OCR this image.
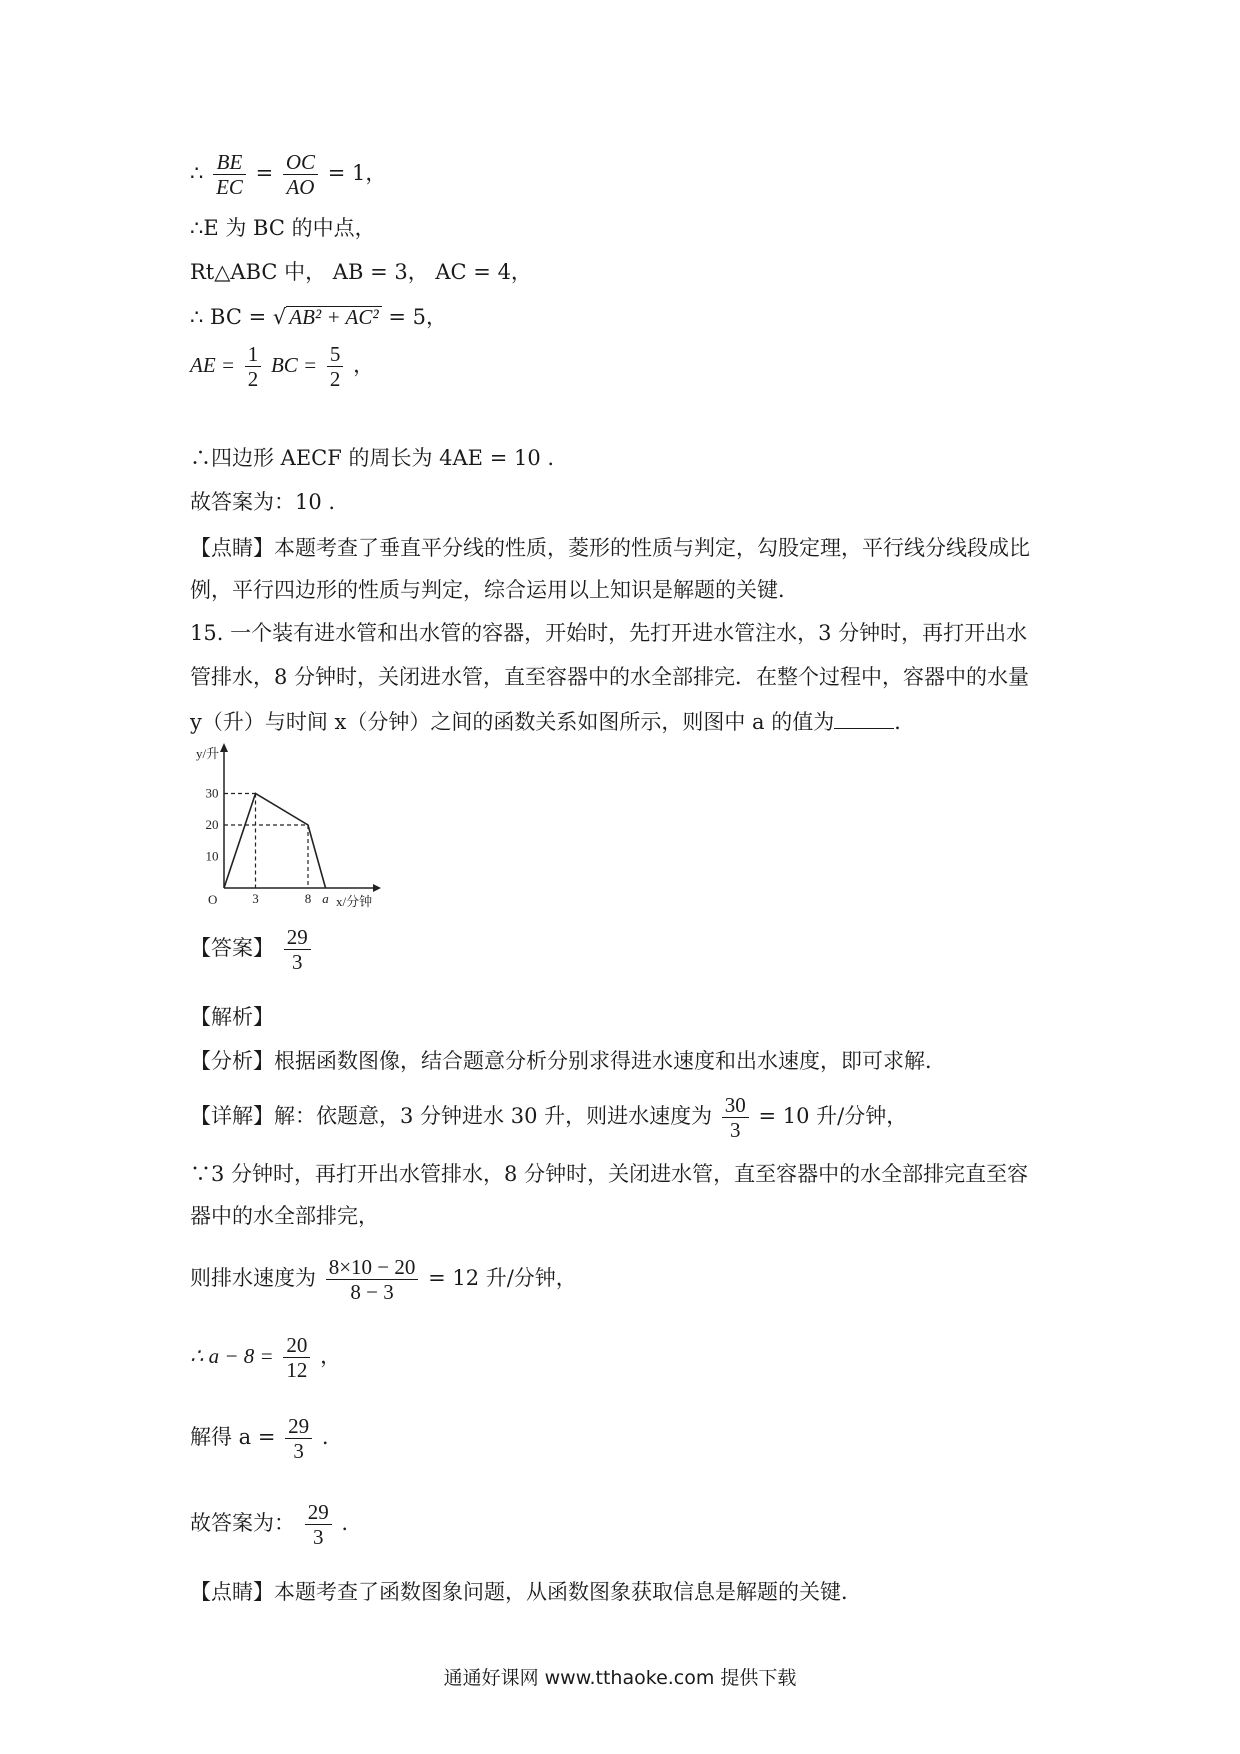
∴ $\frac{BE}{EC} = \frac{OC}{AO} = 1$，
∴E 为 BC 的中点，
Rt△ABC 中， AB = 3， AC = 4，
∴ BC = √ AB² + AC² = 5，
AE = $\frac{1}{2}$ BC = $\frac{5}{2}$ ，
∴四边形 AECF 的周长为 4AE = 10 .
故答案为：10 .
【点睛】本题考查了垂直平分线的性质，菱形的性质与判定，勾股定理，平行线分线段成比
例，平行四边形的性质与判定，综合运用以上知识是解题的关键．
15. 一个装有进水管和出水管的容器，开始时，先打开进水管注水，3 分钟时，再打开出水
管排水，8 分钟时，关闭进水管，直至容器中的水全部排完．在整个过程中，容器中的水量
y（升）与时间 x（分钟）之间的函数关系如图所示，则图中 a 的值为	．
3	8 a
10
20
30
y/升
x/分钟
O
【答案】 $\frac{29}{3}$
【解析】
【分析】根据函数图像，结合题意分析分别求得进水速度和出水速度，即可求解．
【详解】解：依题意，3 分钟进水 30 升，则进水速度为 $\frac{30}{3} = 10$ 升/分钟，
∵3 分钟时，再打开出水管排水，8 分钟时，关闭进水管，直至容器中的水全部排完直至容
器中的水全部排完，
则排水速度为 $\frac{8\times 10 - 20}{8 - 3} = 12$ 升/分钟，
∴ $a - 8 = \frac{20}{12}$ ，
解得 $a = \frac{29}{3}$ .
故答案为： $\frac{29}{3}$ .
【点睛】本题考查了函数图象问题，从函数图象获取信息是解题的关键．
通通好课网 www.tthaoke.com 提供下载
